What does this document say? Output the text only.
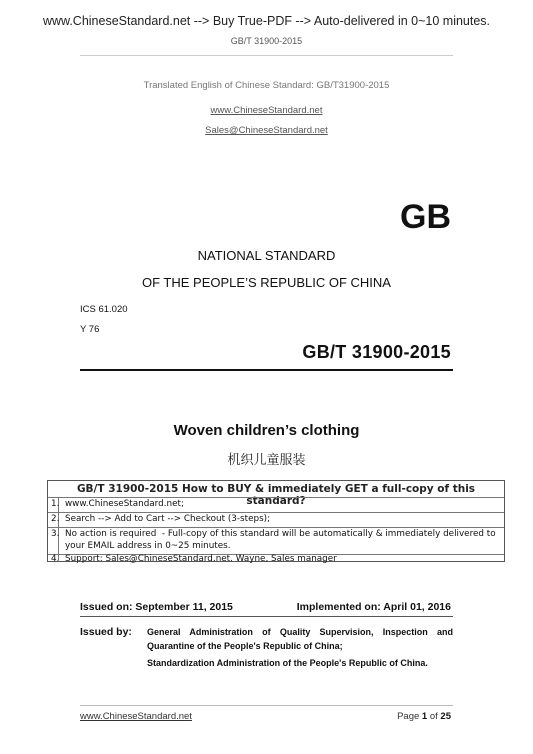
www.ChineseStandard.net --> Buy True-PDF --> Auto-delivered in 0~10 minutes.
GB/T 31900-2015
Translated English of Chinese Standard: GB/T31900-2015
www.ChineseStandard.net
Sales@ChineseStandard.net
GB
NATIONAL STANDARD
OF THE PEOPLE’S REPUBLIC OF CHINA
ICS 61.020
Y 76
GB/T 31900-2015
Woven children’s clothing
机织儿童服装
GB/T 31900-2015 How to BUY & immediately GET a full-copy of this standard?
1.  www.ChineseStandard.net;
2.  Search --> Add to Cart --> Checkout (3-steps);
3.  No action is required  - Full-copy of this standard will be automatically & immediately delivered to
your EMAIL address in 0~25 minutes.
4.  Support: Sales@ChineseStandard.net. Wayne, Sales manager
Issued on: September 11, 2015	Implemented on: April 01, 2016
Issued by: General Administration of Quality Supervision, Inspection and
Quarantine of the People's Republic of China;
Standardization Administration of the People's Republic of China.
www.ChineseStandard.net	Page 1 of 25
